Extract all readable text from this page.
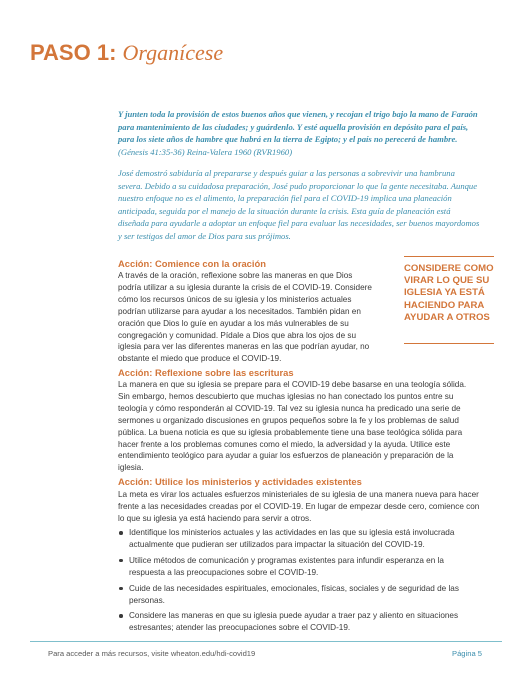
PASO 1: Organícese

Y junten toda la provisión de estos buenos años que vienen, y recojan el trigo bajo la mano de Faraón para mantenimiento de las ciudades; y guárdenlo. Y esté aquella provisión en depósito para el país, para los siete años de hambre que habrá en la tierra de Egipto; y el país no perecerá de hambre. (Génesis 41:35-36) Reina-Valera 1960 (RVR1960)

José demostró sabiduría al prepararse y después guiar a las personas a sobrevivir una hambruna severa. Debido a su cuidadosa preparación, José pudo proporcionar lo que la gente necesitaba. Aunque nuestro enfoque no es el alimento, la preparación fiel para el COVID-19 implica una planeación anticipada, seguida por el manejo de la situación durante la crisis. Esta guía de planeación está diseñada para ayudarle a adoptar un enfoque fiel para evaluar las necesidades, ser buenos mayordomos y ser testigos del amor de Dios para sus prójimos.

Acción: Comience con la oración

A través de la oración, reflexione sobre las maneras en que Dios podría utilizar a su iglesia durante la crisis de el COVID-19. Considere cómo los recursos únicos de su iglesia y los ministerios actuales podrían utilizarse para ayudar a los necesitados. También pidan en oración que Dios lo guíe en ayudar a los más vulnerables de su congregación y comunidad. Pídale a Dios que abra los ojos de su iglesia para ver las diferentes maneras en las que podrían ayudar, no obstante el miedo que produce el COVID-19.

CONSIDERE COMO VIRAR LO QUE SU IGLESIA YA ESTÁ HACIENDO PARA AYUDAR A OTROS

Acción: Reflexione sobre las escrituras

La manera en que su iglesia se prepare para el COVID-19 debe basarse en una teología sólida. Sin embargo, hemos descubierto que muchas iglesias no han conectado los puntos entre su teología y cómo responderán al COVID-19. Tal vez su iglesia nunca ha predicado una serie de sermones u organizado discusiones en grupos pequeños sobre la fe y los problemas de salud pública. La buena noticia es que su iglesia probablemente tiene una base teológica sólida para hacer frente a los problemas comunes como el miedo, la adversidad y la ayuda. Utilice este entendimiento teológico para ayudar a guiar los esfuerzos de planeación y preparación de la iglesia.

Acción: Utilice los ministerios y actividades existentes

La meta es virar los actuales esfuerzos ministeriales de su iglesia de una manera nueva para hacer frente a las necesidades creadas por el COVID-19. En lugar de empezar desde cero, comience con lo que su iglesia ya está haciendo para servir a otros.

Identifique los ministerios actuales y las actividades en las que su iglesia está involucrada actualmente que pudieran ser utilizados para impactar la situación del COVID-19.
Utilice métodos de comunicación y programas existentes para infundir esperanza en la respuesta a las preocupaciones sobre el COVID-19.
Cuide de las necesidades espirituales, emocionales, físicas, sociales y de seguridad de las personas.
Considere las maneras en que su iglesia puede ayudar a traer paz y aliento en situaciones estresantes; atender las preocupaciones sobre el COVID-19.
Para acceder a más recursos, visite wheaton.edu/hdi-covid19	Página 5
